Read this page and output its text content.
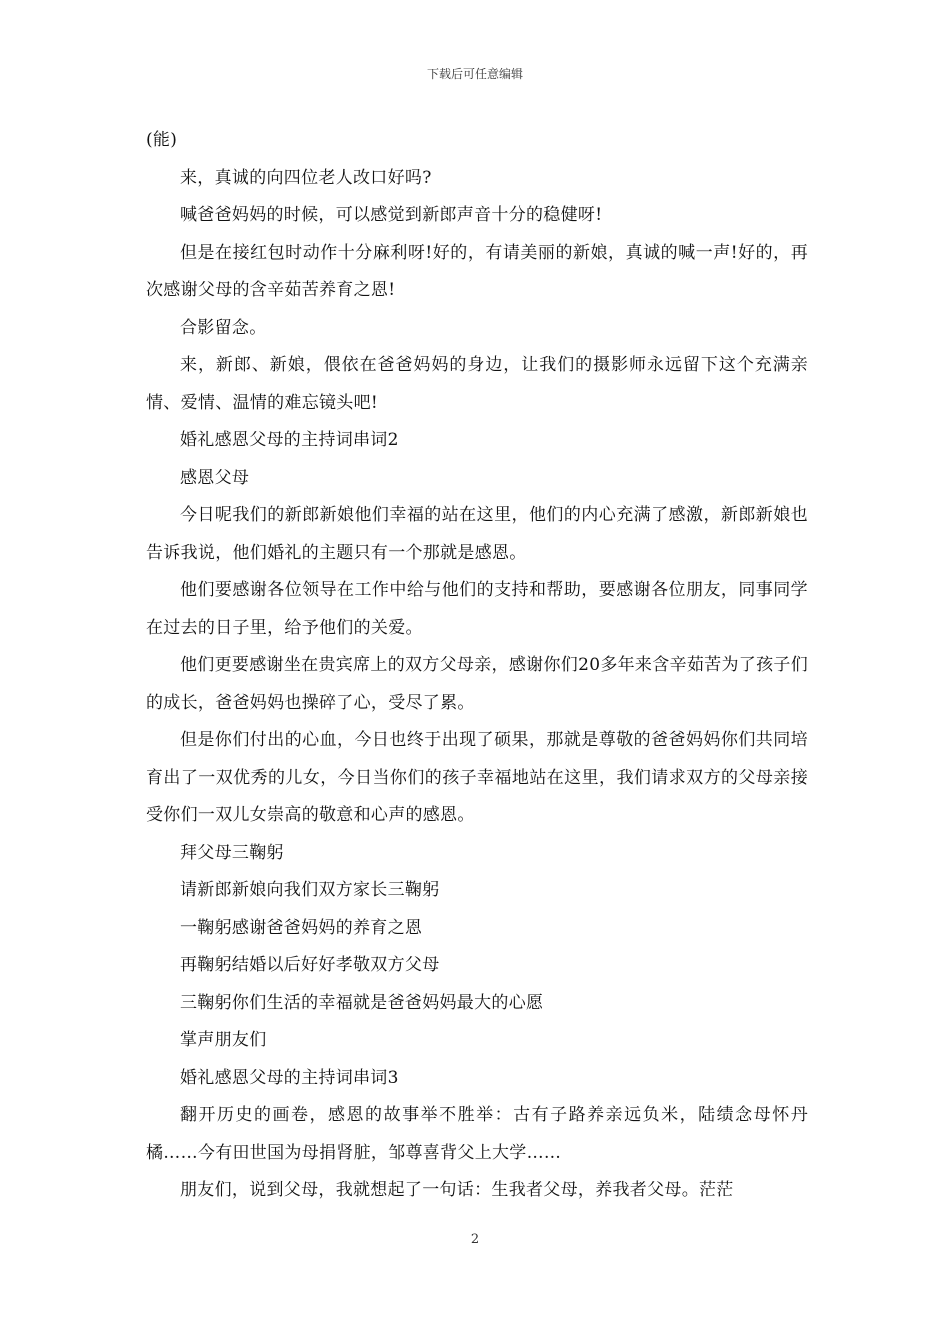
下载后可任意编辑

(能)

来，真诚的向四位老人改口好吗?

喊爸爸妈妈的时候，可以感觉到新郎声音十分的稳健呀!

但是在接红包时动作十分麻利呀!好的，有请美丽的新娘，真诚的喊一声!好的，再次感谢父母的含辛茹苦养育之恩!

合影留念。

来，新郎、新娘，偎依在爸爸妈妈的身边，让我们的摄影师永远留下这个充满亲情、爱情、温情的难忘镜头吧!

婚礼感恩父母的主持词串词2

感恩父母

今日呢我们的新郎新娘他们幸福的站在这里，他们的内心充满了感激，新郎新娘也告诉我说，他们婚礼的主题只有一个那就是感恩。

他们要感谢各位领导在工作中给与他们的支持和帮助，要感谢各位朋友，同事同学在过去的日子里，给予他们的关爱。

他们更要感谢坐在贵宾席上的双方父母亲，感谢你们20多年来含辛茹苦为了孩子们的成长，爸爸妈妈也操碎了心，受尽了累。

但是你们付出的心血，今日也终于出现了硕果，那就是尊敬的爸爸妈妈你们共同培育出了一双优秀的儿女，今日当你们的孩子幸福地站在这里，我们请求双方的父母亲接受你们一双儿女崇高的敬意和心声的感恩。

拜父母三鞠躬

请新郎新娘向我们双方家长三鞠躬

一鞠躬感谢爸爸妈妈的养育之恩

再鞠躬结婚以后好好孝敬双方父母

三鞠躬你们生活的幸福就是爸爸妈妈最大的心愿

掌声朋友们

婚礼感恩父母的主持词串词3

翻开历史的画卷，感恩的故事举不胜举：古有子路养亲远负米，陆绩念母怀丹橘……今有田世国为母捐肾脏，邹尊喜背父上大学……

朋友们，说到父母，我就想起了一句话：生我者父母，养我者父母。茫茫

2
